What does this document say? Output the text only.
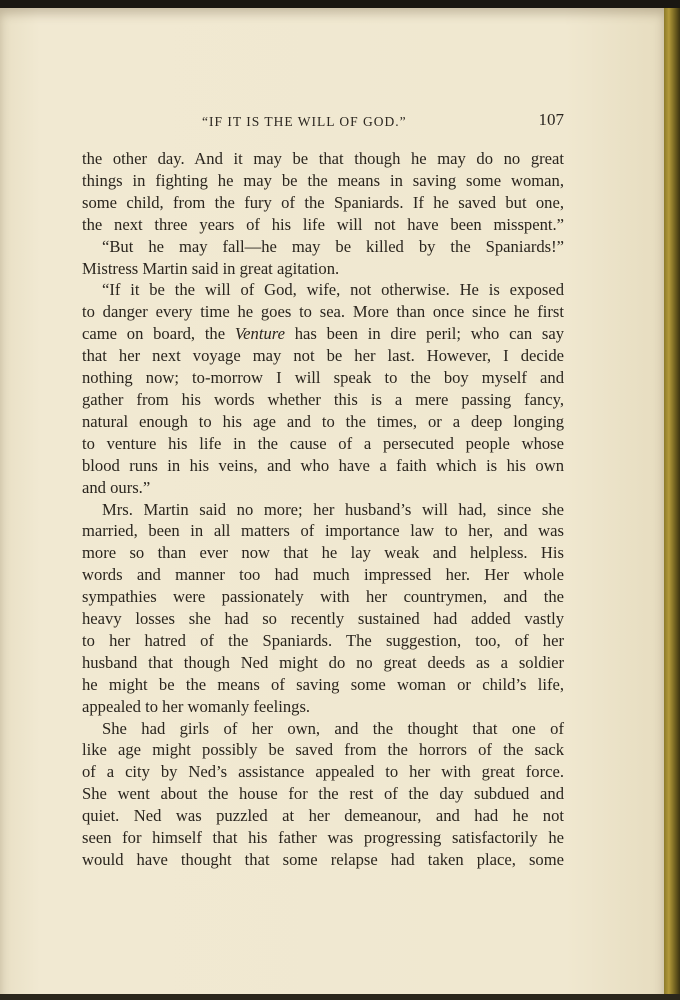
“IF IT IS THE WILL OF GOD.”	107
the other day. And it may be that though he may do no great
things in fighting he may be the means in saving some woman,
some child, from the fury of the Spaniards. If he saved but one,
the next three years of his life will not have been misspent.”
“But he may fall—he may be killed by the Spaniards!”
Mistress Martin said in great agitation.
“If it be the will of God, wife, not otherwise. He is exposed
to danger every time he goes to sea. More than once since he first
came on board, the Venture has been in dire peril; who can say
that her next voyage may not be her last. However, I decide
nothing now; to-morrow I will speak to the boy myself and
gather from his words whether this is a mere passing fancy,
natural enough to his age and to the times, or a deep longing
to venture his life in the cause of a persecuted people whose
blood runs in his veins, and who have a faith which is his own
and ours.”
Mrs. Martin said no more; her husband’s will had, since she
married, been in all matters of importance law to her, and was
more so than ever now that he lay weak and helpless. His
words and manner too had much impressed her. Her whole
sympathies were passionately with her countrymen, and the
heavy losses she had so recently sustained had added vastly
to her hatred of the Spaniards. The suggestion, too, of her
husband that though Ned might do no great deeds as a soldier
he might be the means of saving some woman or child’s life,
appealed to her womanly feelings.
She had girls of her own, and the thought that one of
like age might possibly be saved from the horrors of the sack
of a city by Ned’s assistance appealed to her with great force.
She went about the house for the rest of the day subdued and
quiet. Ned was puzzled at her demeanour, and had he not
seen for himself that his father was progressing satisfactorily he
would have thought that some relapse had taken place, some
